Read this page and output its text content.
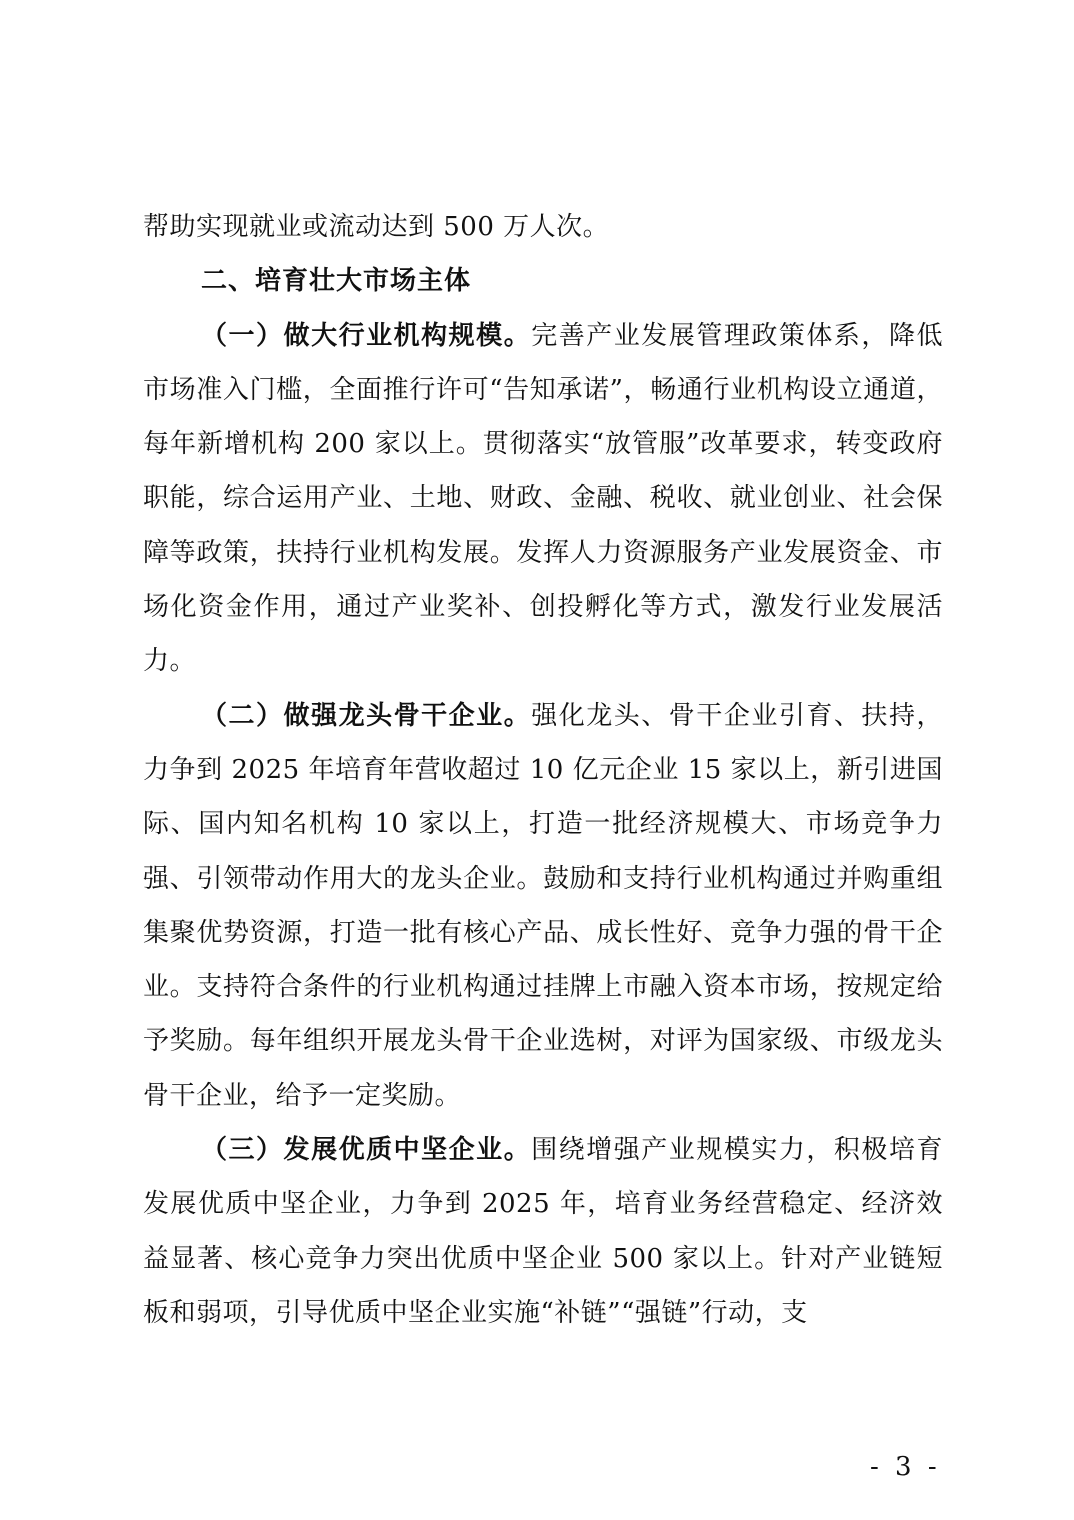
帮助实现就业或流动达到 500 万人次。

二、培育壮大市场主体

（一）做大行业机构规模。完善产业发展管理政策体系，降低市场准入门槛，全面推行许可“告知承诺”，畅通行业机构设立通道，每年新增机构 200 家以上。贯彻落实“放管服”改革要求，转变政府职能，综合运用产业、土地、财政、金融、税收、就业创业、社会保障等政策，扶持行业机构发展。发挥人力资源服务产业发展资金、市场化资金作用，通过产业奖补、创投孵化等方式，激发行业发展活力。

（二）做强龙头骨干企业。强化龙头、骨干企业引育、扶持，力争到 2025 年培育年营收超过 10 亿元企业 15 家以上，新引进国际、国内知名机构 10 家以上，打造一批经济规模大、市场竞争力强、引领带动作用大的龙头企业。鼓励和支持行业机构通过并购重组集聚优势资源，打造一批有核心产品、成长性好、竞争力强的骨干企业。支持符合条件的行业机构通过挂牌上市融入资本市场，按规定给予奖励。每年组织开展龙头骨干企业选树，对评为国家级、市级龙头骨干企业，给予一定奖励。

（三）发展优质中坚企业。围绕增强产业规模实力，积极培育发展优质中坚企业，力争到 2025 年，培育业务经营稳定、经济效益显著、核心竞争力突出优质中坚企业 500 家以上。针对产业链短板和弱项，引导优质中坚企业实施“补链”“强链”行动，支

- 3 -
